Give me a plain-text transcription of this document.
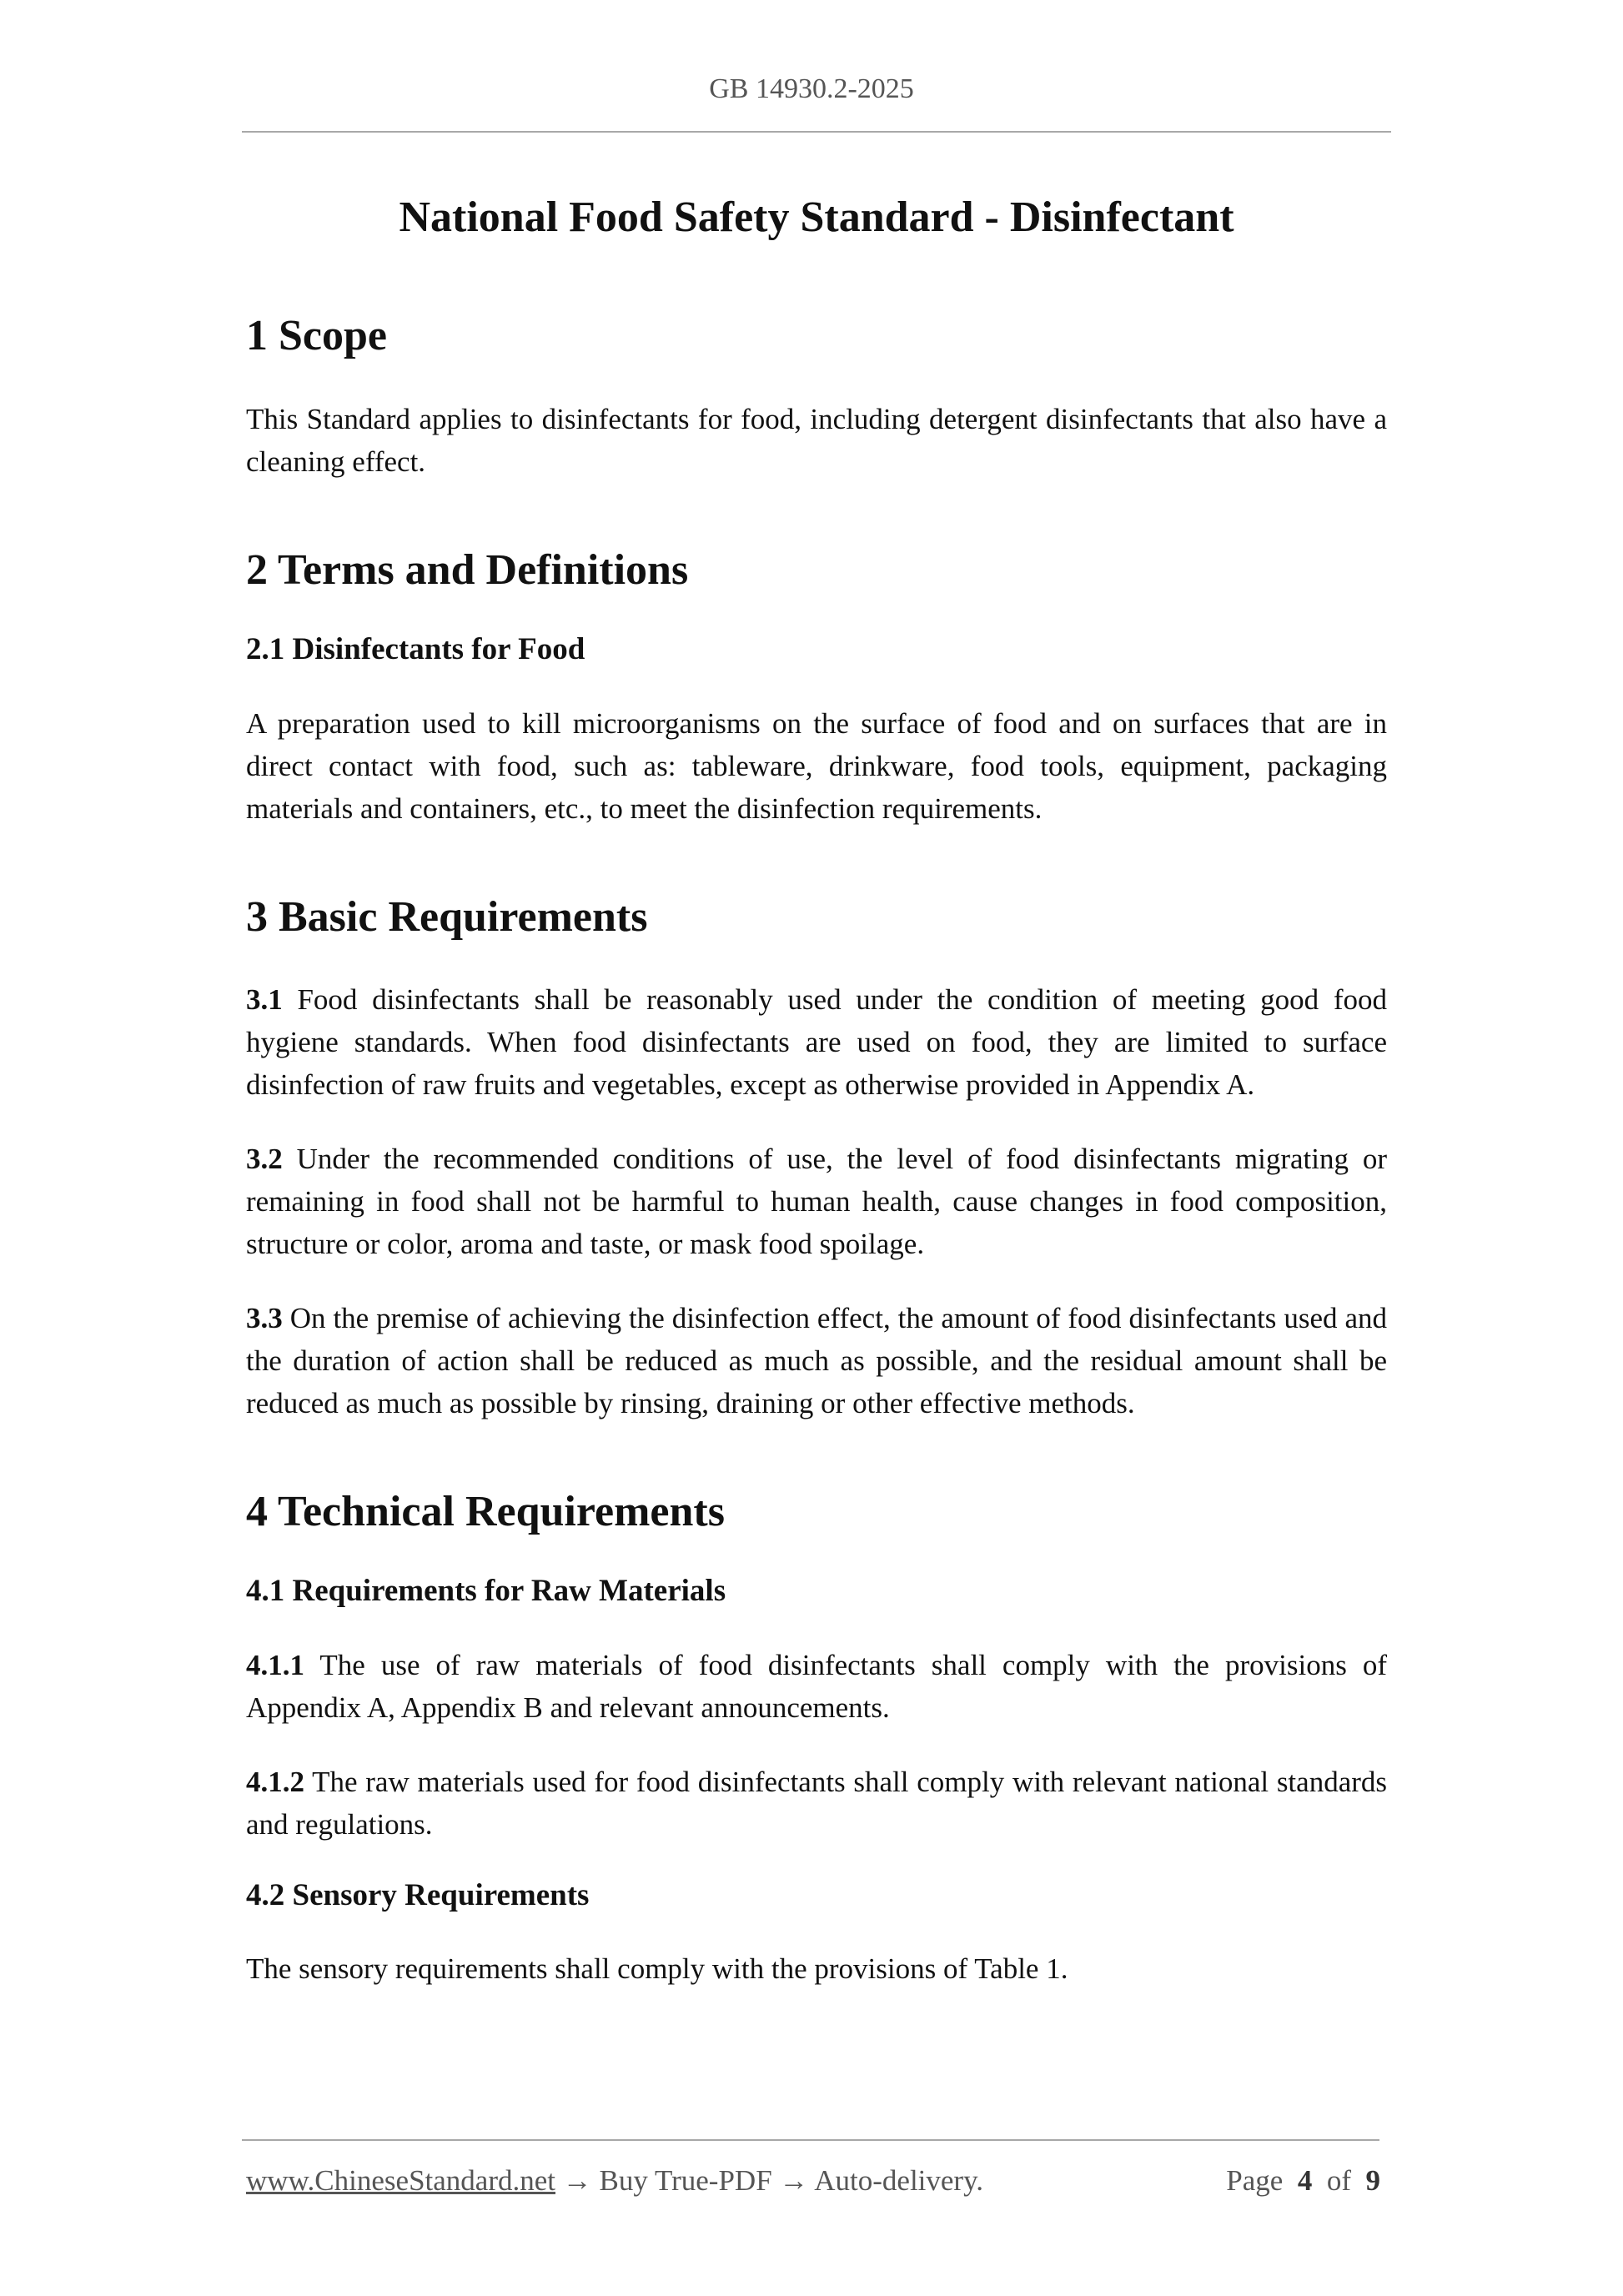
GB 14930.2-2025
National Food Safety Standard - Disinfectant
1 Scope

This Standard applies to disinfectants for food, including detergent disinfectants that also have a cleaning effect.

2 Terms and Definitions
2.1 Disinfectants for Food

A preparation used to kill microorganisms on the surface of food and on surfaces that are in direct contact with food, such as: tableware, drinkware, food tools, equipment, packaging materials and containers, etc., to meet the disinfection requirements.

3 Basic Requirements

3.1 Food disinfectants shall be reasonably used under the condition of meeting good food hygiene standards. When food disinfectants are used on food, they are limited to surface disinfection of raw fruits and vegetables, except as otherwise provided in Appendix A.

3.2 Under the recommended conditions of use, the level of food disinfectants migrating or remaining in food shall not be harmful to human health, cause changes in food composition, structure or color, aroma and taste, or mask food spoilage.

3.3 On the premise of achieving the disinfection effect, the amount of food disinfectants used and the duration of action shall be reduced as much as possible, and the residual amount shall be reduced as much as possible by rinsing, draining or other effective methods.

4 Technical Requirements
4.1 Requirements for Raw Materials

4.1.1 The use of raw materials of food disinfectants shall comply with the provisions of Appendix A, Appendix B and relevant announcements.

4.1.2 The raw materials used for food disinfectants shall comply with relevant national standards and regulations.

4.2 Sensory Requirements

The sensory requirements shall comply with the provisions of Table 1.

www.ChineseStandard.net → Buy True-PDF → Auto-delivery.	Page 4 of 9
